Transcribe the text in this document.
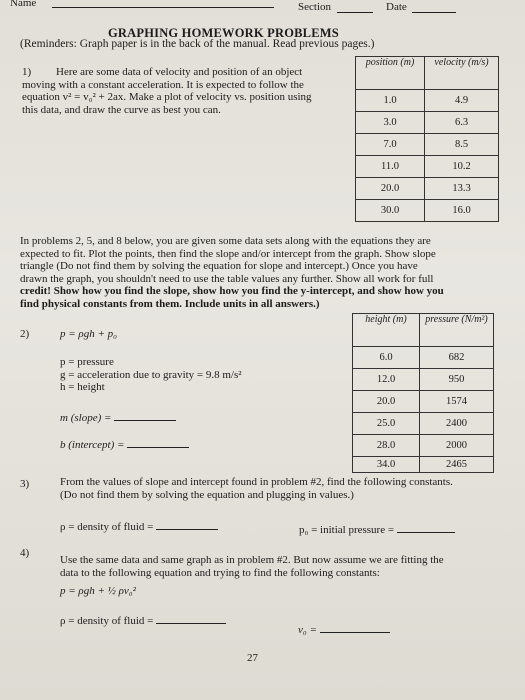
Name	Section	Date
GRAPHING HOMEWORK PROBLEMS
(Reminders: Graph paper is in the back of the manual. Read previous pages.)
1)	Here are some data of velocity and position of an object
moving with a constant acceleration. It is expected to follow the
equation v² = v₀² + 2ax. Make a plot of velocity vs. position using
this data, and draw the curve as best you can.
position (m)	velocity (m/s)
1.0	4.9
3.0	6.3
7.0	8.5
11.0	10.2
20.0	13.3
30.0	16.0
In problems 2, 5, and 8 below, you are given some data sets along with the equations they are
expected to fit. Plot the points, then find the slope and/or intercept from the graph. Show slope
triangle (Do not find them by solving the equation for slope and intercept.) Once you have
drawn the graph, you shouldn't need to use the table values any further. Show all work for full
credit! Show how you find the slope, show how you find the y-intercept, and show how you
find physical constants from them. Include units in all answers.)
2)	p = ρgh + p₀
p = pressure
g = acceleration due to gravity = 9.8 m/s²
h = height
m (slope) =
b (intercept) =
height (m)	pressure (N/m²)
6.0	682
12.0	950
20.0	1574
25.0	2400
28.0	2000
34.0	2465
3)	From the values of slope and intercept found in problem #2, find the following constants.
(Do not find them by solving the equation and plugging in values.)
ρ = density of fluid =	p₀ = initial pressure =
4)
Use the same data and same graph as in problem #2. But now assume we are fitting the
data to the following equation and trying to find the following constants:
p = ρgh + ½ ρv₀²
ρ = density of fluid =
v₀ =
27
